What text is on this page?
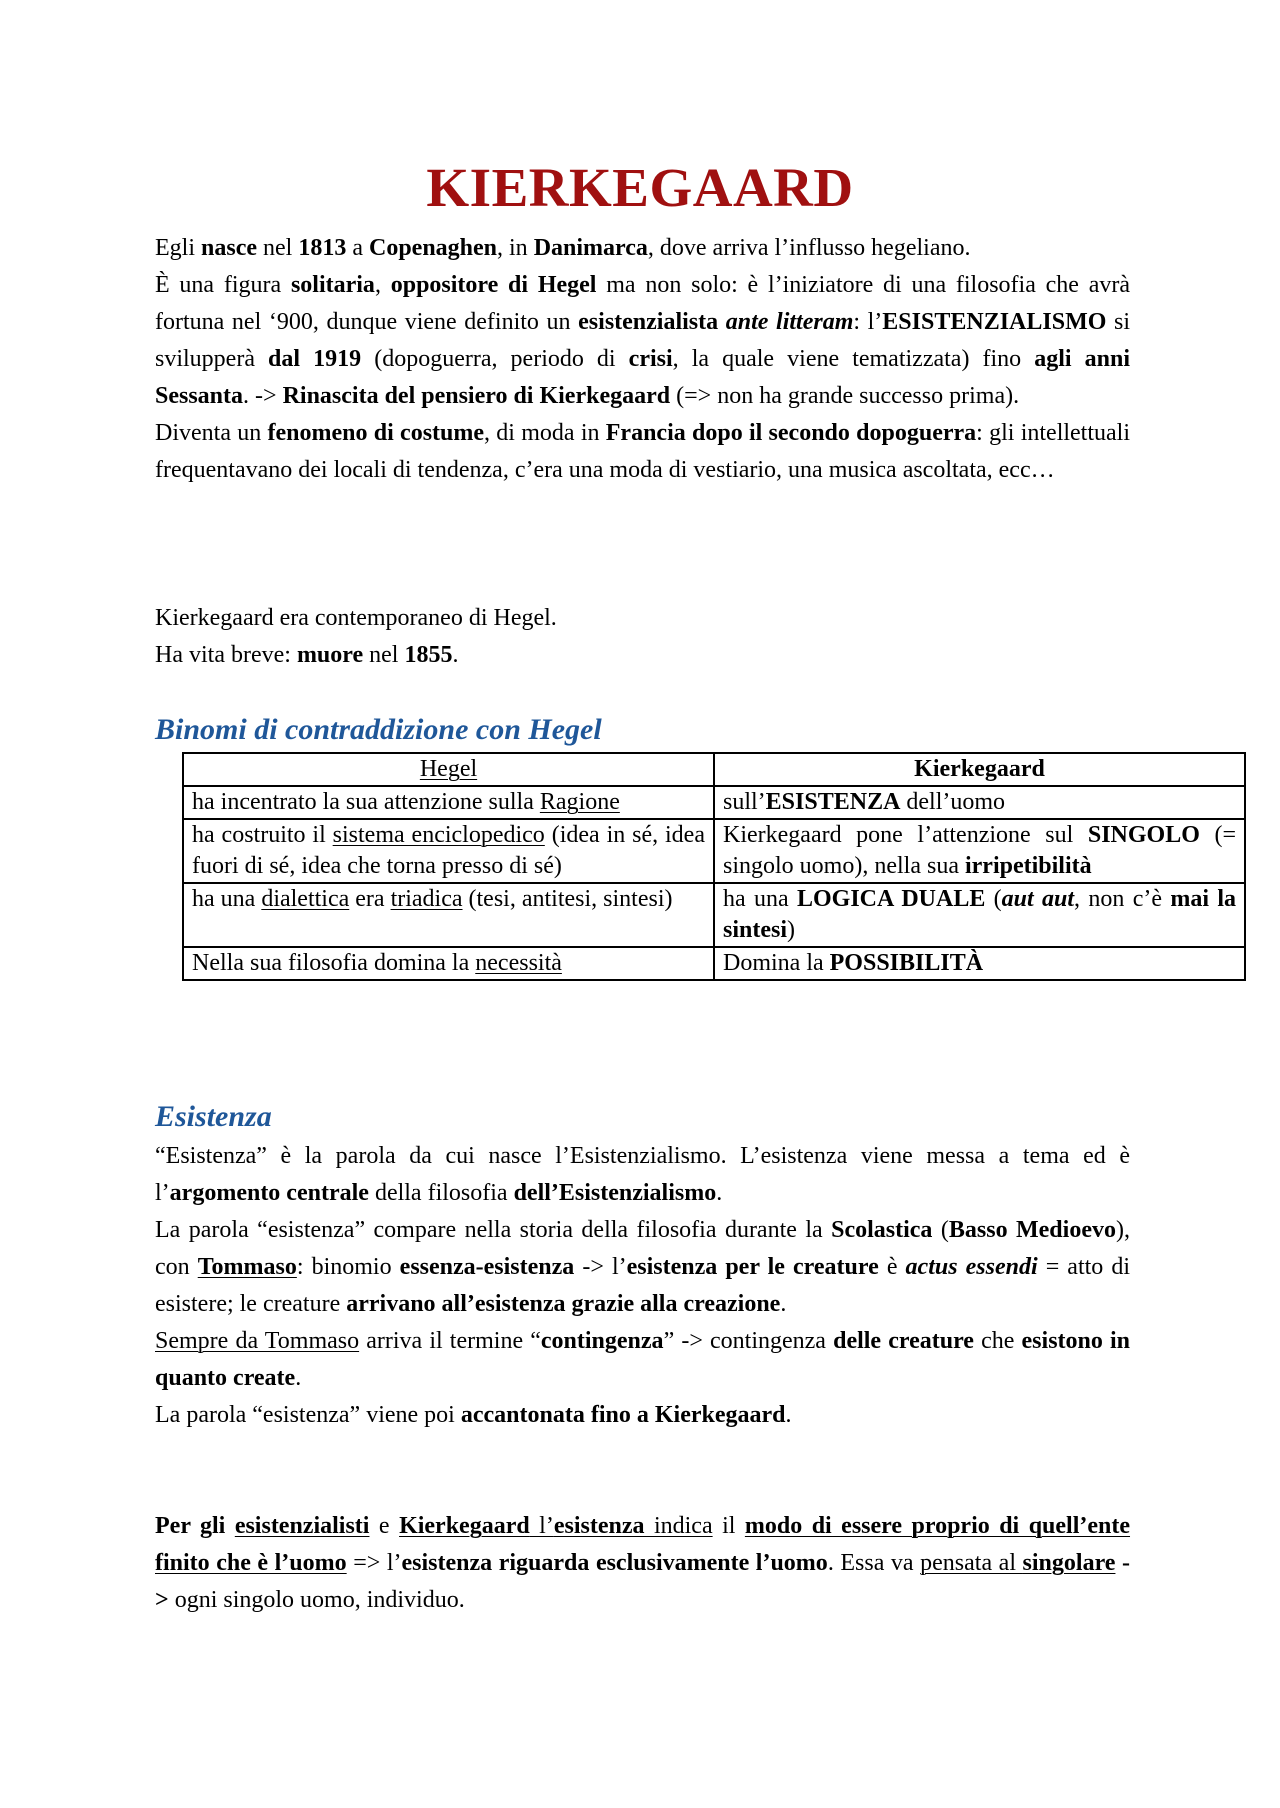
KIERKEGAARD

Egli nasce nel 1813 a Copenaghen, in Danimarca, dove arriva l’influsso hegeliano.

È una figura solitaria, oppositore di Hegel ma non solo: è l’iniziatore di una filosofia che avrà fortuna nel ‘900, dunque viene definito un esistenzialista ante litteram: l’ESISTENZIALISMO si svilupperà dal 1919 (dopoguerra, periodo di crisi, la quale viene tematizzata) fino agli anni Sessanta. -> Rinascita del pensiero di Kierkegaard (=> non ha grande successo prima).

Diventa un fenomeno di costume, di moda in Francia dopo il secondo dopoguerra: gli intellettuali frequentavano dei locali di tendenza, c’era una moda di vestiario, una musica ascoltata, ecc…

Kierkegaard era contemporaneo di Hegel.

Ha vita breve: muore nel 1855.

Binomi di contraddizione con Hegel
Hegel	Kierkegaard
ha incentrato la sua attenzione sulla Ragione	sull’ESISTENZA dell’uomo
ha costruito il sistema enciclopedico (idea in sé, idea fuori di sé, idea che torna presso di sé)	Kierkegaard pone l’attenzione sul SINGOLO (= singolo uomo), nella sua irripetibilità
ha una dialettica era triadica (tesi, antitesi, sintesi)	ha una LOGICA DUALE (aut aut, non c’è mai la sintesi)
Nella sua filosofia domina la necessità	Domina la POSSIBILITÀ
Esistenza

“Esistenza” è la parola da cui nasce l’Esistenzialismo. L’esistenza viene messa a tema ed è l’argomento centrale della filosofia dell’Esistenzialismo.

La parola “esistenza” compare nella storia della filosofia durante la Scolastica (Basso Medioevo), con Tommaso: binomio essenza-esistenza -> l’esistenza per le creature è actus essendi = atto di esistere; le creature arrivano all’esistenza grazie alla creazione.

Sempre da Tommaso arriva il termine “contingenza” -> contingenza delle creature che esistono in quanto create.

La parola “esistenza” viene poi accantonata fino a Kierkegaard.

Per gli esistenzialisti e Kierkegaard l’esistenza indica il modo di essere proprio di quell’ente finito che è l’uomo => l’esistenza riguarda esclusivamente l’uomo. Essa va pensata al singolare -> ogni singolo uomo, individuo.
